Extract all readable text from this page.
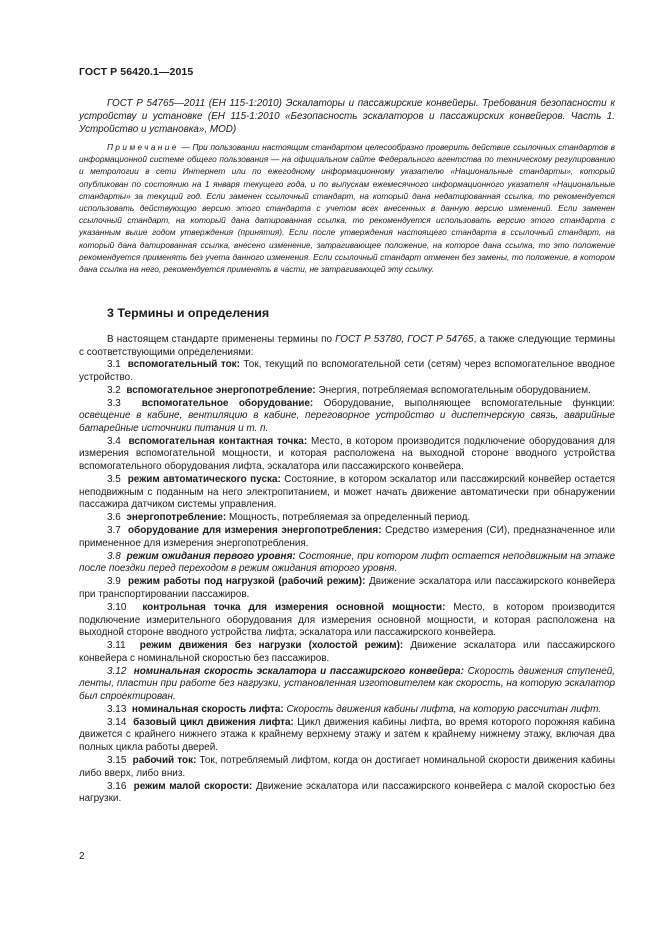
ГОСТ Р 56420.1—2015
ГОСТ Р 54765—2011 (ЕН 115-1:2010) Эскалаторы и пассажирские конвейеры. Требования безопасности к устройству и установке (ЕН 115-1:2010 «Безопасность эскалаторов и пассажирских конвейеров. Часть 1. Устройство и установка», MOD)
Примечание — При пользовании настоящим стандартом целесообразно проверить действие ссылочных стандартов в информационной системе общего пользования — на официальном сайте Федерального агентства по техническому регулированию и метрологии в сети Интернет или по ежегодному информационному указателю «Национальные стандарты», который опубликован по состоянию на 1 января текущего года, и по выпускам ежемесячного информационного указателя «Национальные стандарты» за текущий год. Если заменен ссылочный стандарт, на который дана недатированная ссылка, то рекомендуется использовать действующую версию этого стандарта с учетом всех внесенных в данную версию изменений. Если заменен ссылочный стандарт, на который дана датированная ссылка, то рекомендуется использовать версию этого стандарта с указанным выше годом утверждения (принятия). Если после утверждения настоящего стандарта в ссылочный стандарт, на который дана датированная ссылка, внесено изменение, затрагивающее положение, на которое дана ссылка, то это положение рекомендуется применять без учета данного изменения. Если ссылочный стандарт отменен без замены, то положение, в котором дана ссылка на него, рекомендуется применять в части, не затрагивающей эту ссылку.
3 Термины и определения

В настоящем стандарте применены термины по ГОСТ Р 53780, ГОСТ Р 54765, а также следующие термины с соответствующими определениями:

3.1 вспомогательный ток: Ток, текущий по вспомогательной сети (сетям) через вспомогательное вводное устройство.

3.2 вспомогательное энергопотребление: Энергия, потребляемая вспомогательным оборудованием.

3.3 вспомогательное оборудование: Оборудование, выполняющее вспомогательные функции: освещение в кабине, вентиляцию в кабине, переговорное устройство и диспетчерскую связь, аварийные батарейные источники питания и т. п.

3.4 вспомогательная контактная точка: Место, в котором производится подключение оборудования для измерения вспомогательной мощности, и которая расположена на выходной стороне вводного устройства вспомогательного оборудования лифта, эскалатора или пассажирского конвейера.

3.5 режим автоматического пуска: Состояние, в котором эскалатор или пассажирский конвейер остается неподвижным с поданным на него электропитанием, и может начать движение автоматически при обнаружении пассажира датчиком системы управления.

3.6 энергопотребление: Мощность, потребляемая за определенный период.

3.7 оборудование для измерения энергопотребления: Средство измерения (СИ), предназначенное или примененное для измерения энергопотребления.

3.8 режим ожидания первого уровня: Состояние, при котором лифт остается неподвижным на этаже после поездки перед переходом в режим ожидания второго уровня.

3.9 режим работы под нагрузкой (рабочий режим): Движение эскалатора или пассажирского конвейера при транспортировании пассажиров.

3.10 контрольная точка для измерения основной мощности: Место, в котором производится подключение измерительного оборудования для измерения основной мощности, и которая расположена на выходной стороне вводного устройства лифта, эскалатора или пассажирского конвейера.

3.11 режим движения без нагрузки (холостой режим): Движение эскалатора или пассажирского конвейера с номинальной скоростью без пассажиров.

3.12 номинальная скорость эскалатора и пассажирского конвейера: Скорость движения ступеней, ленты, пластин при работе без нагрузки, установленная изготовителем как скорость, на которую эскалатор был спроектирован.

3.13 номинальная скорость лифта: Скорость движения кабины лифта, на которую рассчитан лифт.

3.14 базовый цикл движения лифта: Цикл движения кабины лифта, во время которого порожняя кабина движется с крайнего нижнего этажа к крайнему верхнему этажу и затем к крайнему нижнему этажу, включая два полных цикла работы дверей.

3.15 рабочий ток: Ток, потребляемый лифтом, когда он достигает номинальной скорости движения кабины либо вверх, либо вниз.

3.16 режим малой скорости: Движение эскалатора или пассажирского конвейера с малой скоростью без нагрузки.

2
